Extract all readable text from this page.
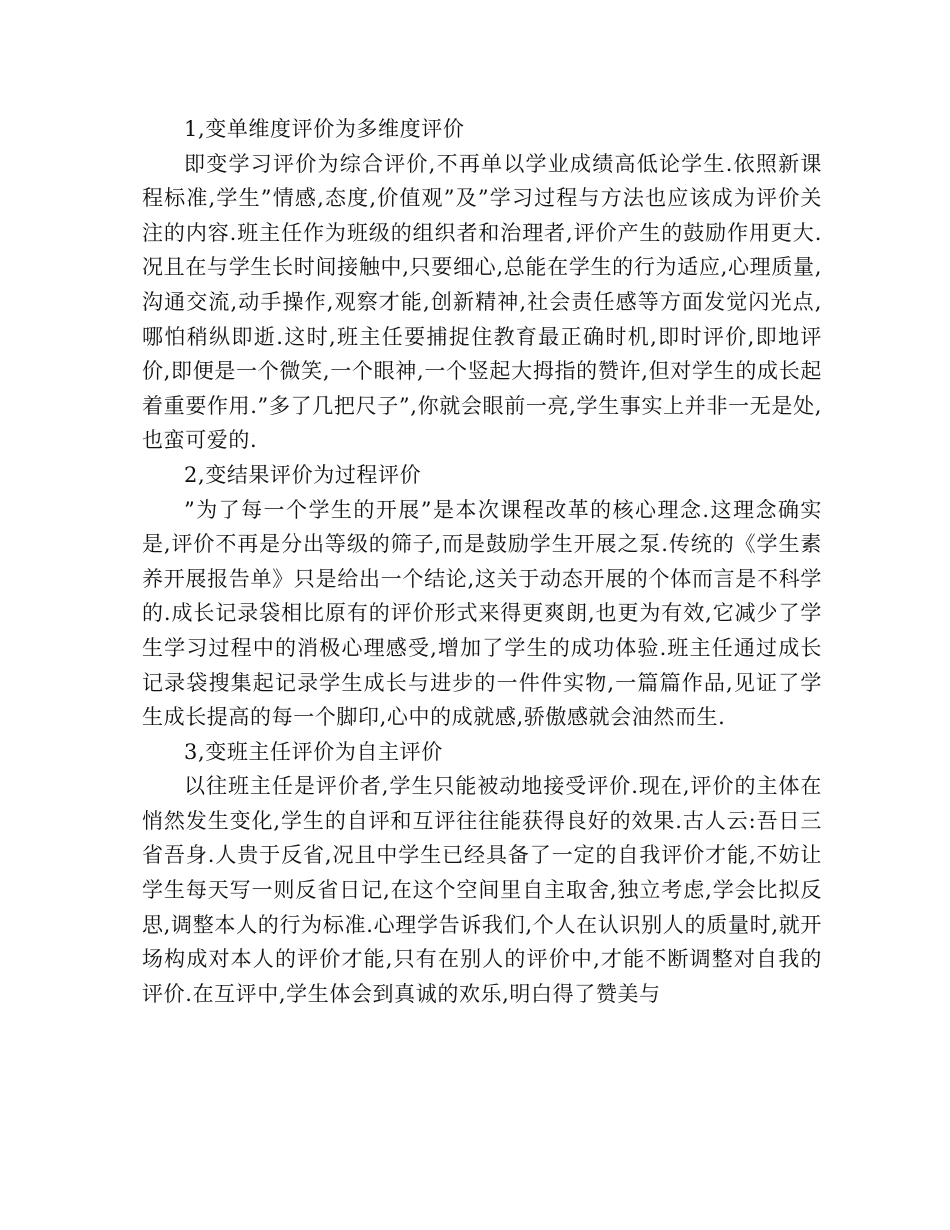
1,变单维度评价为多维度评价

即变学习评价为综合评价,不再单以学业成绩高低论学生.依照新课程标准,学生”情感,态度,价值观”及”学习过程与方法也应该成为评价关注的内容.班主任作为班级的组织者和治理者,评价产生的鼓励作用更大.况且在与学生长时间接触中,只要细心,总能在学生的行为适应,心理质量,沟通交流,动手操作,观察才能,创新精神,社会责任感等方面发觉闪光点,哪怕稍纵即逝.这时,班主任要捕捉住教育最正确时机,即时评价,即地评价,即便是一个微笑,一个眼神,一个竖起大拇指的赞许,但对学生的成长起着重要作用.”多了几把尺子”,你就会眼前一亮,学生事实上并非一无是处,也蛮可爱的.

2,变结果评价为过程评价

”为了每一个学生的开展”是本次课程改革的核心理念.这理念确实是,评价不再是分出等级的筛子,而是鼓励学生开展之泵.传统的《学生素养开展报告单》只是给出一个结论,这关于动态开展的个体而言是不科学的.成长记录袋相比原有的评价形式来得更爽朗,也更为有效,它减少了学生学习过程中的消极心理感受,增加了学生的成功体验.班主任通过成长记录袋搜集起记录学生成长与进步的一件件实物,一篇篇作品,见证了学生成长提高的每一个脚印,心中的成就感,骄傲感就会油然而生.

3,变班主任评价为自主评价

以往班主任是评价者,学生只能被动地接受评价.现在,评价的主体在悄然发生变化,学生的自评和互评往往能获得良好的效果.古人云:吾日三省吾身.人贵于反省,况且中学生已经具备了一定的自我评价才能,不妨让学生每天写一则反省日记,在这个空间里自主取舍,独立考虑,学会比拟反思,调整本人的行为标准.心理学告诉我们,个人在认识别人的质量时,就开场构成对本人的评价才能,只有在别人的评价中,才能不断调整对自我的评价.在互评中,学生体会到真诚的欢乐,明白得了赞美与
